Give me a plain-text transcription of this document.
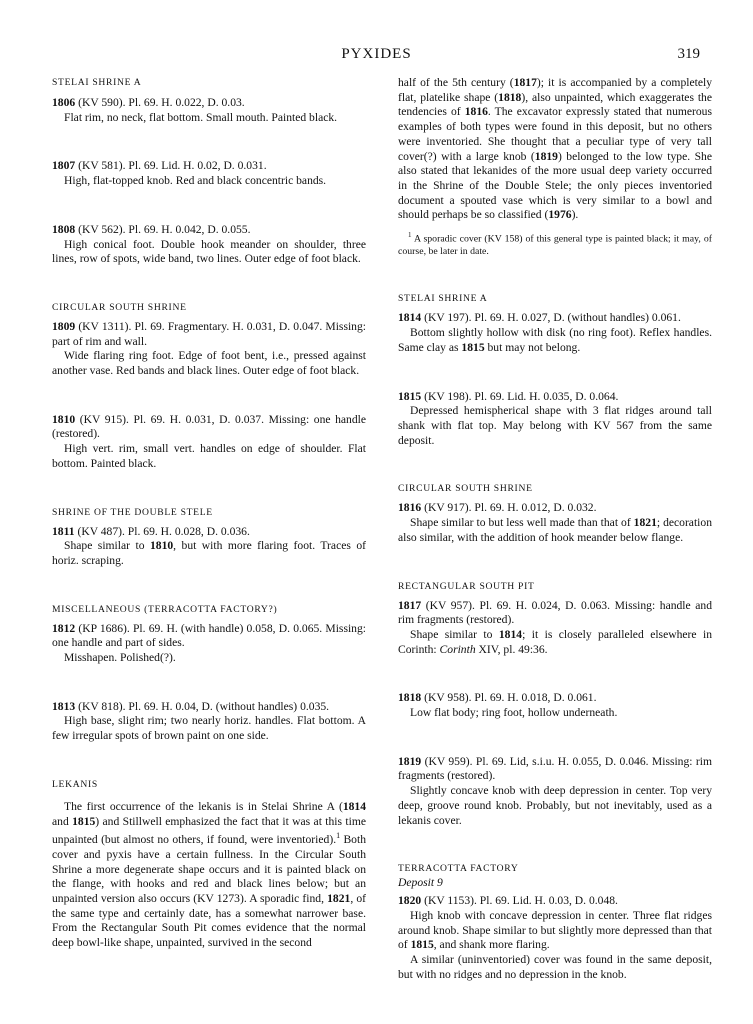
PYXIDES	319
STELAI SHRINE A
1806 (KV 590). Pl. 69. H. 0.022, D. 0.03.
Flat rim, no neck, flat bottom. Small mouth. Painted black.
1807 (KV 581). Pl. 69. Lid. H. 0.02, D. 0.031.
High, flat-topped knob. Red and black concentric bands.
1808 (KV 562). Pl. 69. H. 0.042, D. 0.055.
High conical foot. Double hook meander on shoulder, three lines, row of spots, wide band, two lines. Outer edge of foot black.
CIRCULAR SOUTH SHRINE
1809 (KV 1311). Pl. 69. Fragmentary. H. 0.031, D. 0.047. Missing: part of rim and wall.
Wide flaring ring foot. Edge of foot bent, i.e., pressed against another vase. Red bands and black lines. Outer edge of foot black.
1810 (KV 915). Pl. 69. H. 0.031, D. 0.037. Missing: one handle (restored).
High vert. rim, small vert. handles on edge of shoulder. Flat bottom. Painted black.
SHRINE OF THE DOUBLE STELE
1811 (KV 487). Pl. 69. H. 0.028, D. 0.036.
Shape similar to 1810, but with more flaring foot. Traces of horiz. scraping.
MISCELLANEOUS (TERRACOTTA FACTORY?)
1812 (KP 1686). Pl. 69. H. (with handle) 0.058, D. 0.065. Missing: one handle and part of sides.
Misshapen. Polished(?).
1813 (KV 818). Pl. 69. H. 0.04, D. (without handles) 0.035.
High base, slight rim; two nearly horiz. handles. Flat bottom. A few irregular spots of brown paint on one side.
LEKANIS

The first occurrence of the lekanis is in Stelai Shrine A (1814 and 1815) and Stillwell emphasized the fact that it was at this time unpainted (but almost no others, if found, were inventoried).$^1$ Both cover and pyxis have a certain fullness. In the Circular South Shrine a more degenerate shape occurs and it is painted black on the flange, with hooks and red and black lines below; but an unpainted version also occurs (KV 1273). A sporadic find, 1821, of the same type and certainly date, has a somewhat narrower base. From the Rectangular South Pit comes evidence that the normal deep bowl-like shape, unpainted, survived in the second

half of the 5th century (1817); it is accompanied by a completely flat, platelike shape (1818), also unpainted, which exaggerates the tendencies of 1816. The excavator expressly stated that numerous examples of both types were found in this deposit, but no others were inventoried. She thought that a peculiar type of very tall cover(?) with a large knob (1819) belonged to the low type. She also stated that lekanides of the more usual deep variety occurred in the Shrine of the Double Stele; the only pieces inventoried document a spouted vase which is very similar to a bowl and should perhaps be so classified (1976).

$^1$ A sporadic cover (KV 158) of this general type is painted black; it may, of course, be later in date.
STELAI SHRINE A
1814 (KV 197). Pl. 69. H. 0.027, D. (without handles) 0.061.
Bottom slightly hollow with disk (no ring foot). Reflex handles. Same clay as 1815 but may not belong.
1815 (KV 198). Pl. 69. Lid. H. 0.035, D. 0.064.
Depressed hemispherical shape with 3 flat ridges around tall shank with flat top. May belong with KV 567 from the same deposit.
CIRCULAR SOUTH SHRINE
1816 (KV 917). Pl. 69. H. 0.012, D. 0.032.
Shape similar to but less well made than that of 1821; decoration also similar, with the addition of hook meander below flange.
RECTANGULAR SOUTH PIT
1817 (KV 957). Pl. 69. H. 0.024, D. 0.063. Missing: handle and rim fragments (restored).
Shape similar to 1814; it is closely paralleled elsewhere in Corinth: Corinth XIV, pl. 49:36.
1818 (KV 958). Pl. 69. H. 0.018, D. 0.061.
Low flat body; ring foot, hollow underneath.
1819 (KV 959). Pl. 69. Lid, s.i.u. H. 0.055, D. 0.046. Missing: rim fragments (restored).
Slightly concave knob with deep depression in center. Top very deep, groove round knob. Probably, but not inevitably, used as a lekanis cover.
TERRACOTTA FACTORY
Deposit 9
1820 (KV 1153). Pl. 69. Lid. H. 0.03, D. 0.048.
High knob with concave depression in center. Three flat ridges around knob. Shape similar to but slightly more depressed than that of 1815, and shank more flaring.
A similar (uninventoried) cover was found in the same deposit, but with no ridges and no depression in the knob.
